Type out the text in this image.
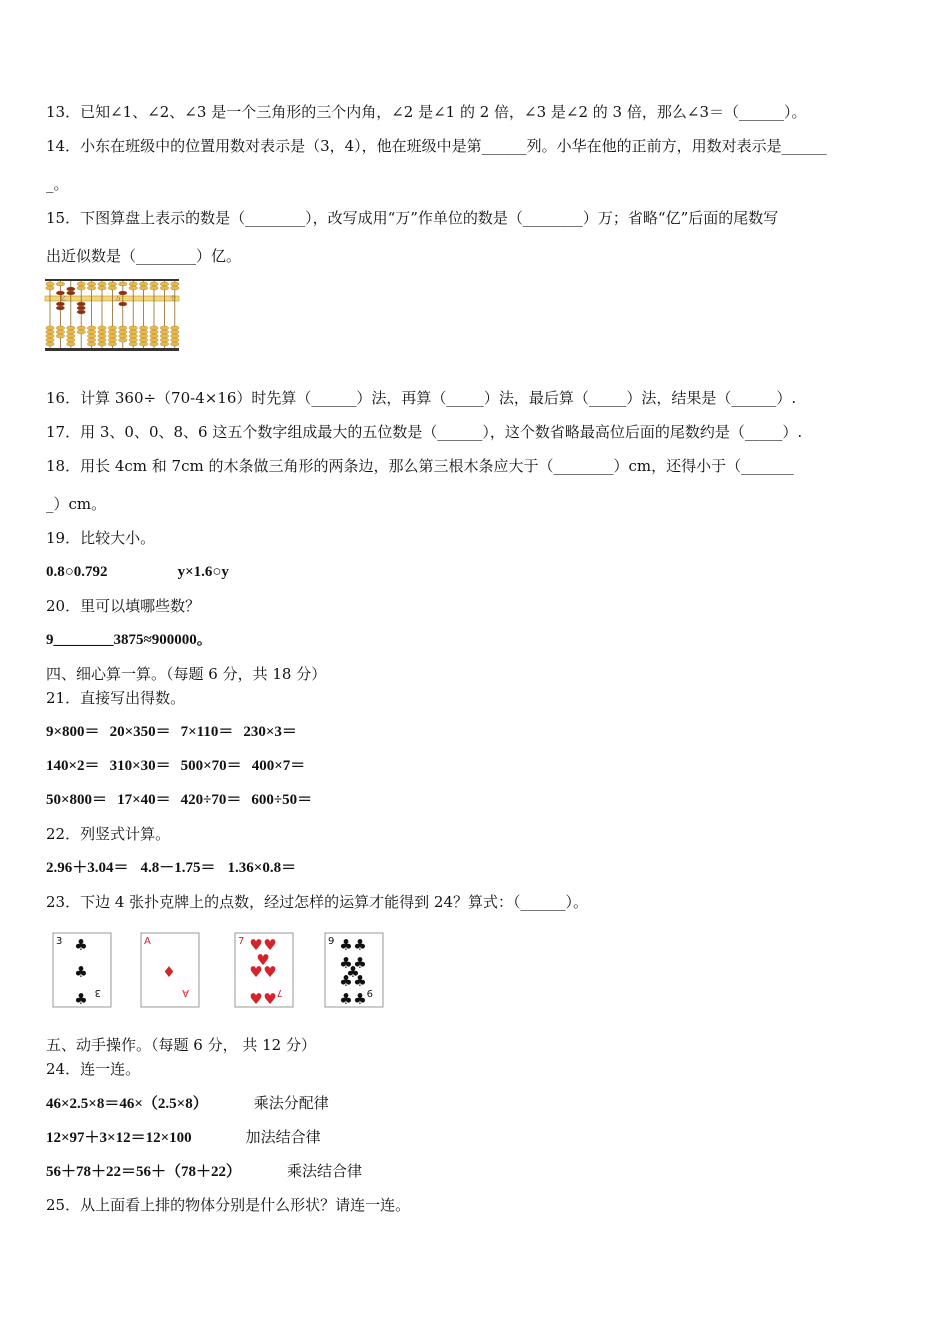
13．已知∠1、∠2、∠3 是一个三角形的三个内角，∠2 是∠1 的 2 倍，∠3 是∠2 的 3 倍，那么∠3＝（______）。
14．小东在班级中的位置用数对表示是（3，4），他在班级中是第______列。小华在他的正前方，用数对表示是______
_。
15．下图算盘上表示的数是（________），改写成用“万”作单位的数是（________）万；省略“亿”后面的尾数写
出近似数是（________）亿。
亿	万	个
16．计算 360÷（70-4×16）时先算（______）法，再算（_____）法，最后算（_____）法，结果是（______）.
17．用 3、0、0、8、6 这五个数字组成最大的五位数是（______），这个数省略最高位后面的尾数约是（_____）.
18．用长 4cm 和 7cm 的木条做三角形的两条边，那么第三根木条应大于（________）cm，还得小于（_______
_）cm。
19．比较大小。
0.8○0.792	y×1.6○y
20．里可以填哪些数？
9________3875≈900000。
四、细心算一算。（每题 6 分，共 18 分）
21．直接写出得数。
9×800＝ 20×350＝ 7×110＝ 230×3＝
140×2＝ 310×30＝ 500×70＝ 400×7＝
50×800＝ 17×40＝ 420÷70＝ 600÷50＝
22．列竖式计算。
2.96＋3.04＝ 4.8－1.75＝ 1.36×0.8＝
23．下边 4 张扑克牌上的点数，经过怎样的运算才能得到 24？算式：（______）。
3
3
♣
♣
♣
A
A
♦
7
7
♥ ♥
♥
♥ ♥
♥ ♥
9
9
♣ ♣
♣ ♣
♣
♣ ♣
♣ ♣
五、动手操作。（每题 6 分， 共 12 分）
24．连一连。
46×2.5×8＝46×（2.5×8）	乘法分配律
12×97＋3×12＝12×100	加法结合律
56＋78＋22＝56＋（78＋22）	乘法结合律
25．从上面看上排的物体分别是什么形状？请连一连。
